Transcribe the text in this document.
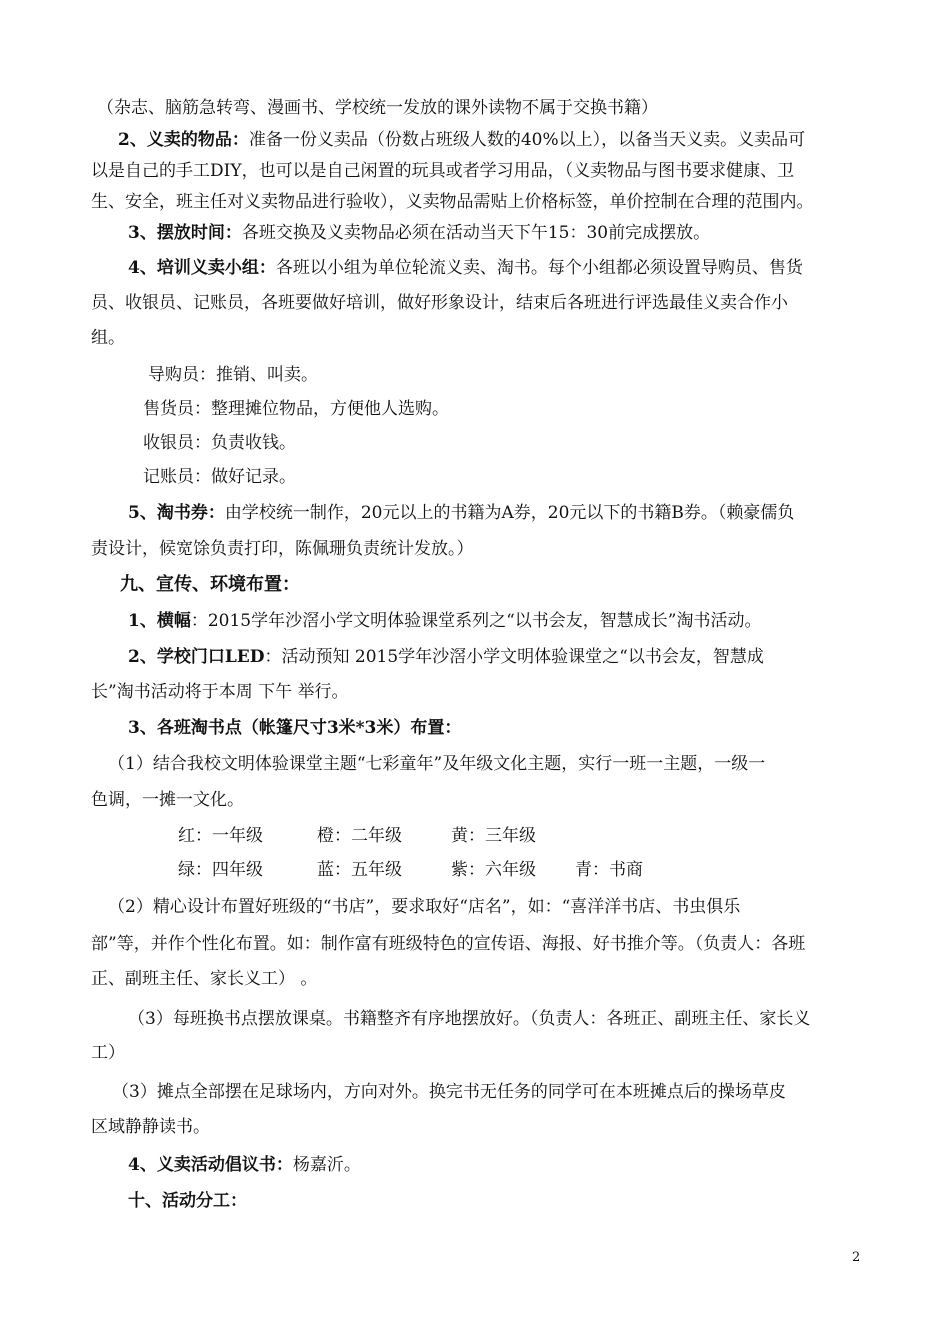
（杂志、脑筋急转弯、漫画书、学校统一发放的课外读物不属于交换书籍）
2、义卖的物品：准备一份义卖品（份数占班级人数的40%以上），以备当天义卖。义卖品可
以是自己的手工DIY，也可以是自己闲置的玩具或者学习用品，（义卖物品与图书要求健康、卫
生、安全，班主任对义卖物品进行验收），义卖物品需贴上价格标签，单价控制在合理的范围内。
3、摆放时间：各班交换及义卖物品必须在活动当天下午15：30前完成摆放。
4、培训义卖小组：各班以小组为单位轮流义卖、淘书。每个小组都必须设置导购员、售货
员、收银员、记账员，各班要做好培训，做好形象设计，结束后各班进行评选最佳义卖合作小
组。
导购员：推销、叫卖。
售货员：整理摊位物品，方便他人选购。
收银员：负责收钱。
记账员：做好记录。
5、淘书券：由学校统一制作，20元以上的书籍为A券，20元以下的书籍B券。（赖豪儒负
责设计，候宽馀负责打印，陈佩珊负责统计发放。）
九、宣传、环境布置：
1、横幅：2015学年沙滘小学文明体验课堂系列之“以书会友，智慧成长”淘书活动。
2、学校门口LED：活动预知 2015学年沙滘小学文明体验课堂之“以书会友，智慧成
长”淘书活动将于本周 下午 举行。
3、各班淘书点（帐篷尺寸3米*3米）布置：
（1）结合我校文明体验课堂主题“七彩童年”及年级文化主题，实行一班一主题，一级一
色调，一摊一文化。
红：一年级	橙：二年级	黄：三年级
绿：四年级	蓝：五年级	紫：六年级 青：书商
（2）精心设计布置好班级的“书店”，要求取好“店名”，如：“喜洋洋书店、书虫俱乐
部”等，并作个性化布置。如：制作富有班级特色的宣传语、海报、好书推介等。（负责人：各班
正、副班主任、家长义工） 。
（3）每班换书点摆放课桌。书籍整齐有序地摆放好。（负责人：各班正、副班主任、家长义
工）
（3）摊点全部摆在足球场内，方向对外。换完书无任务的同学可在本班摊点后的操场草皮
区域静静读书。
4、义卖活动倡议书：杨嘉沂。
十、活动分工：
2
